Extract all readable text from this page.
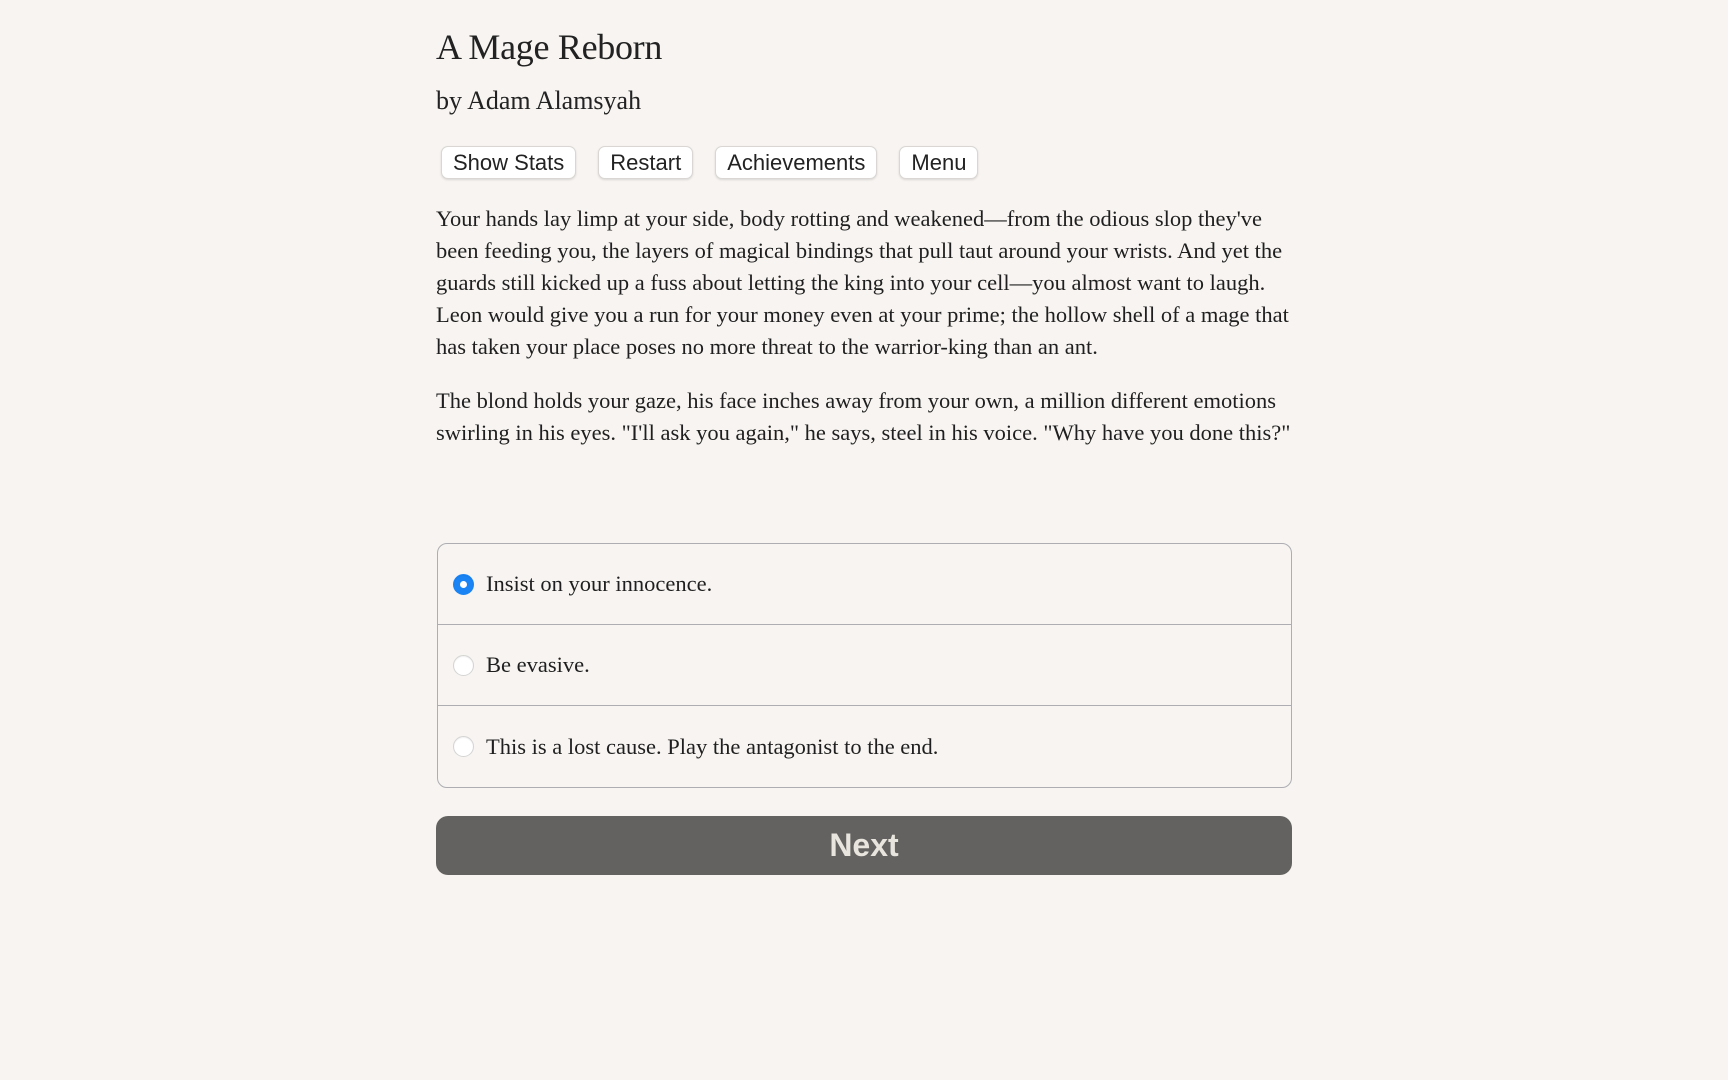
A Mage Reborn
by Adam Alamsyah
Show Stats	Restart	Achievements	Menu

Your hands lay limp at your side, body rotting and weakened—from the odious slop they've been feeding you, the layers of magical bindings that pull taut around your wrists. And yet the guards still kicked up a fuss about letting the king into your cell—you almost want to laugh. Leon would give you a run for your money even at your prime; the hollow shell of a mage that has taken your place poses no more threat to the warrior-king than an ant.

The blond holds your gaze, his face inches away from your own, a million different emotions swirling in his eyes. "I'll ask you again," he says, steel in his voice. "Why have you done this?"

Insist on your innocence.
Be evasive.
This is a lost cause. Play the antagonist to the end.
Next
